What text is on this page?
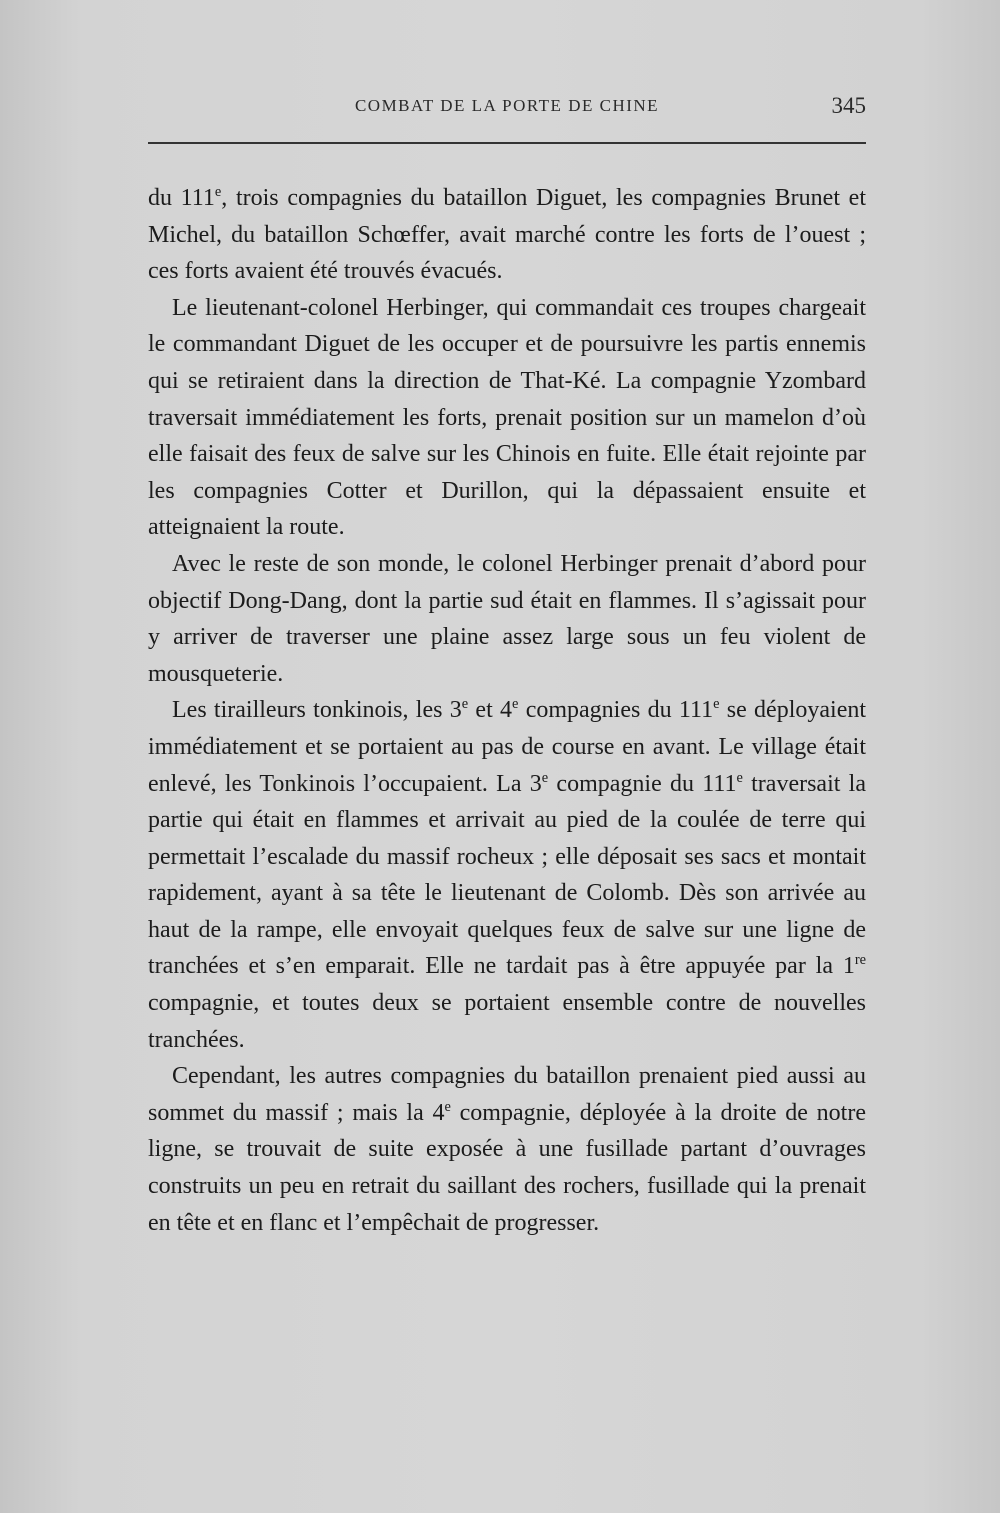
COMBAT DE LA PORTE DE CHINE	345

du 111e, trois compagnies du bataillon Diguet, les compagnies Brunet et Michel, du bataillon Schœffer, avait marché contre les forts de l’ouest ; ces forts avaient été trouvés évacués.

Le lieutenant-colonel Herbinger, qui commandait ces troupes chargeait le commandant Diguet de les occuper et de poursuivre les partis ennemis qui se retiraient dans la direction de That-Ké. La compagnie Yzombard traversait immédiatement les forts, prenait position sur un mamelon d’où elle faisait des feux de salve sur les Chinois en fuite. Elle était rejointe par les compagnies Cotter et Durillon, qui la dépassaient ensuite et atteignaient la route.

Avec le reste de son monde, le colonel Herbinger prenait d’abord pour objectif Dong-Dang, dont la partie sud était en flammes. Il s’agissait pour y arriver de traverser une plaine assez large sous un feu violent de mousqueterie.

Les tirailleurs tonkinois, les 3e et 4e compagnies du 111e se déployaient immédiatement et se portaient au pas de course en avant. Le village était enlevé, les Tonkinois l’occupaient. La 3e compagnie du 111e traversait la partie qui était en flammes et arrivait au pied de la coulée de terre qui permettait l’escalade du massif rocheux ; elle déposait ses sacs et montait rapidement, ayant à sa tête le lieutenant de Colomb. Dès son arrivée au haut de la rampe, elle envoyait quelques feux de salve sur une ligne de tranchées et s’en emparait. Elle ne tardait pas à être appuyée par la 1re compagnie, et toutes deux se portaient ensemble contre de nouvelles tranchées.

Cependant, les autres compagnies du bataillon prenaient pied aussi au sommet du massif ; mais la 4e compagnie, déployée à la droite de notre ligne, se trouvait de suite exposée à une fusillade partant d’ouvrages construits un peu en retrait du saillant des rochers, fusillade qui la prenait en tête et en flanc et l’empêchait de progresser.
